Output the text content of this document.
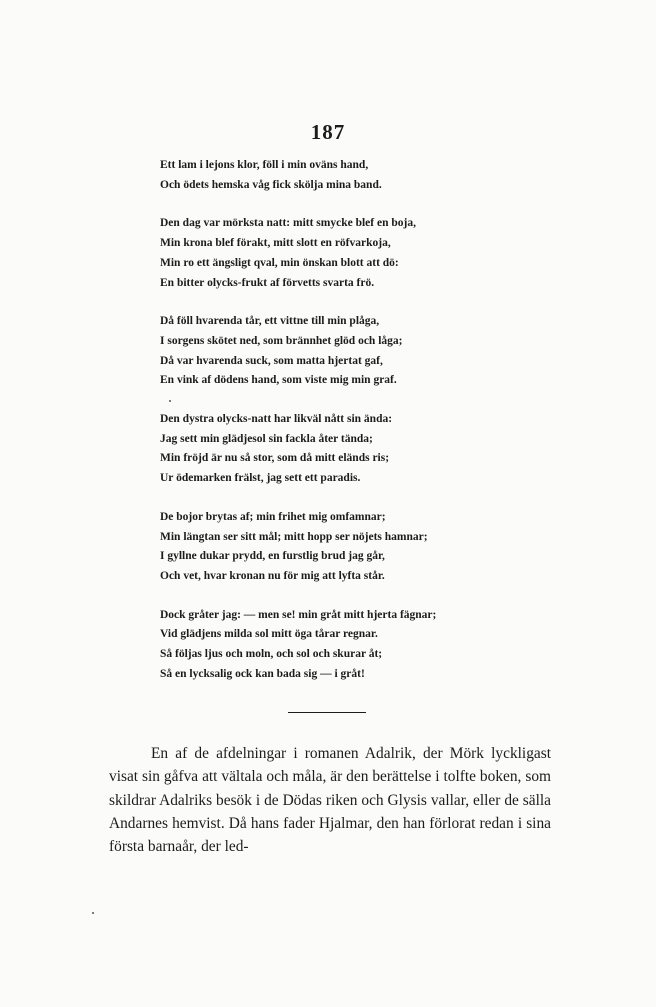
187
Ett lam i lejons klor, föll i min oväns hand,
Och ödets hemska våg fick skölja mina band.
Den dag var mörksta natt: mitt smycke blef en boja,
Min krona blef förakt, mitt slott en röfvarkoja,
Min ro ett ängsligt qval, min önskan blott att dö:
En bitter olycks-frukt af förvetts svarta frö.
Då föll hvarenda tår, ett vittne till min plåga,
I sorgens skötet ned, som brännhet glöd och låga;
Då var hvarenda suck, som matta hjertat gaf,
En vink af dödens hand, som viste mig min graf.
Den dystra olycks-natt har likväl nått sin ända:
Jag sett min glädjesol sin fackla åter tända;
Min fröjd är nu så stor, som då mitt eländs ris;
Ur ödemarken frälst, jag sett ett paradis.
De bojor brytas af; min frihet mig omfamnar;
Min längtan ser sitt mål; mitt hopp ser nöjets hamnar;
I gyllne dukar prydd, en furstlig brud jag går,
Och vet, hvar kronan nu för mig att lyfta står.
Dock gråter jag: — men se! min gråt mitt hjerta fägnar;
Vid glädjens milda sol mitt öga tårar regnar.
Så följas ljus och moln, och sol och skurar åt;
Så en lycksalig ock kan bada sig — i gråt!

En af de afdelningar i romanen Adalrik, der Mörk lyckligast visat sin gåfva att vältala och måla, är den berättelse i tolfte boken, som skildrar Adalriks besök i de Dödas riken och Glysis vallar, eller de sälla Andarnes hemvist. Då hans fader Hjalmar, den han förlorat redan i sina första barnaår, der led-
